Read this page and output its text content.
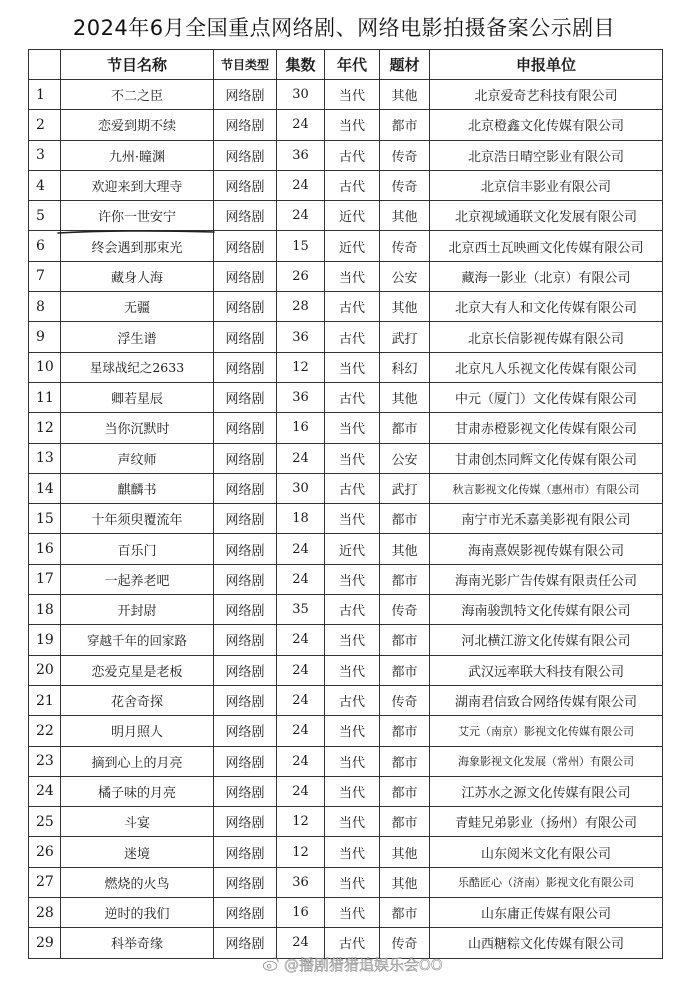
2024年6月全国重点网络剧、网络电影拍摄备案公示剧目
	节目名称	节目类型	集数	年代	题材	申报单位
1	不二之臣	网络剧	30	当代	其他	北京爱奇艺科技有限公司
2	恋爱到期不续	网络剧	24	当代	都市	北京橙鑫文化传媒有限公司
3	九州·瞳渊	网络剧	36	古代	传奇	北京浩日晴空影业有限公司
4	欢迎来到大理寺	网络剧	24	古代	传奇	北京信丰影业有限公司
5	许你一世安宁	网络剧	24	近代	其他	北京视域通联文化发展有限公司
6	终会遇到那束光	网络剧	15	近代	传奇	北京西土瓦映画文化传媒有限公司
7	藏身人海	网络剧	26	当代	公安	藏海一影业（北京）有限公司
8	无疆	网络剧	28	古代	其他	北京大有人和文化传媒有限公司
9	浮生谱	网络剧	36	古代	武打	北京长信影视传媒有限公司
10	星球战纪之2633	网络剧	12	当代	科幻	北京凡人乐视文化传媒有限公司
11	卿若星辰	网络剧	36	古代	其他	中元（厦门）文化传媒有限公司
12	当你沉默时	网络剧	16	当代	都市	甘肃赤橙影视文化传媒有限公司
13	声纹师	网络剧	24	当代	公安	甘肃创杰同辉文化传媒有限公司
14	麒麟书	网络剧	30	古代	武打	秋言影视文化传媒（惠州市）有限公司
15	十年须臾覆流年	网络剧	18	当代	都市	南宁市光禾嘉美影视有限公司
16	百乐门	网络剧	24	近代	其他	海南熹娱影视传媒有限公司
17	一起养老吧	网络剧	24	当代	都市	海南光影广告传媒有限责任公司
18	开封尉	网络剧	35	古代	传奇	海南骏凯特文化传媒有限公司
19	穿越千年的回家路	网络剧	24	当代	都市	河北横江游文化传媒有限公司
20	恋爱克星是老板	网络剧	24	当代	都市	武汉远率联大科技有限公司
21	花舍奇探	网络剧	24	古代	传奇	湖南君信致合网络传媒有限公司
22	明月照人	网络剧	24	当代	都市	艾元（南京）影视文化传媒有限公司
23	摘到心上的月亮	网络剧	24	当代	都市	海象影视文化发展（常州）有限公司
24	橘子味的月亮	网络剧	24	当代	都市	江苏水之源文化传媒有限公司
25	斗宴	网络剧	12	当代	都市	青蛙兄弟影业（扬州）有限公司
26	迷境	网络剧	12	当代	其他	山东阅米文化有限公司
27	燃烧的火鸟	网络剧	36	当代	其他	乐酷匠心（济南）影视文化有限公司
28	逆时的我们	网络剧	16	当代	都市	山东庸正传媒有限公司
29	科举奇缘	网络剧	24	古代	传奇	山西糖粽文化传媒有限公司
@播剧猎猎追娱乐会OO
